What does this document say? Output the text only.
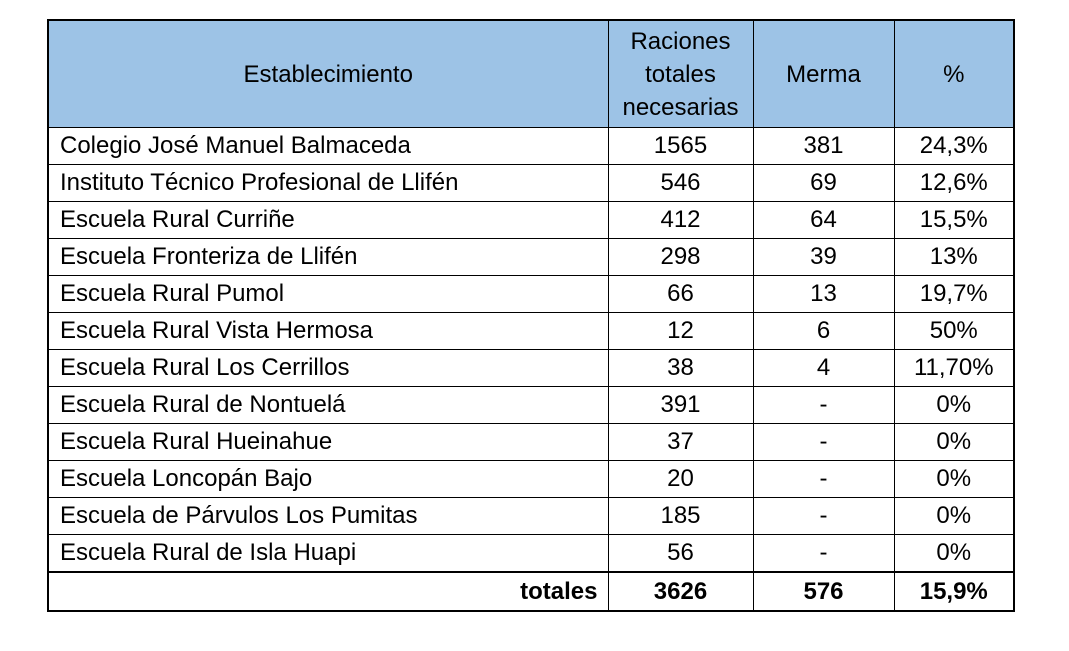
Establecimiento	Raciones totales necesarias	Merma	%
Colegio José Manuel Balmaceda	1565	381	24,3%
Instituto Técnico Profesional de Llifén	546	69	12,6%
Escuela Rural Curriñe	412	64	15,5%
Escuela Fronteriza de Llifén	298	39	13%
Escuela Rural Pumol	66	13	19,7%
Escuela Rural Vista Hermosa	12	6	50%
Escuela Rural Los Cerrillos	38	4	11,70%
Escuela Rural de Nontuelá	391	-	0%
Escuela Rural Hueinahue	37	-	0%
Escuela Loncopán Bajo	20	-	0%
Escuela de Párvulos Los Pumitas	185	-	0%
Escuela Rural de Isla Huapi	56	-	0%
totales	3626	576	15,9%
